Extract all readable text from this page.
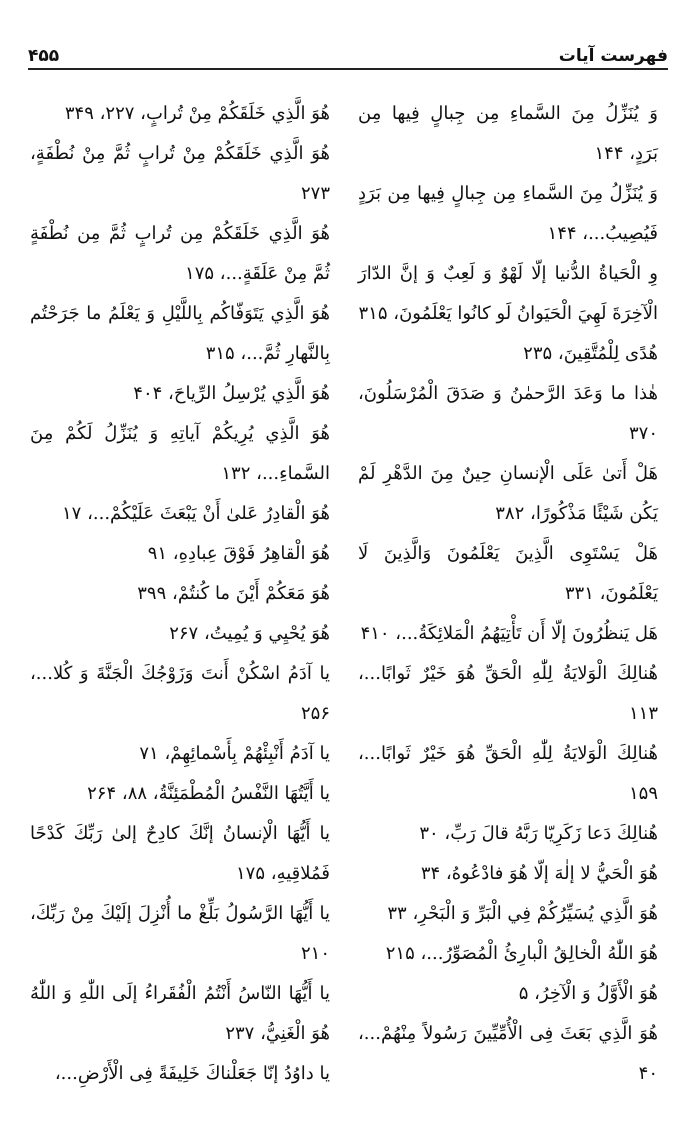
فهرست آیات
۴۵۵

وَ يُنَزِّلُ مِنَ السَّماءِ مِن جِبالٍ فِيها مِن بَرَدٍ، ۱۴۴

وَ يُنَزِّلُ مِنَ السَّماءِ مِن جِبالٍ فِيها مِن بَرَدٍ فَيُصِيبُ...، ۱۴۴

وِ الْحَياةُ الدُّنيا إلّا لَهْوٌ وَ لَعِبٌ وَ إنَّ الدّارَ الْآخِرَةَ لَهِيَ الْحَيَوانُ لَو كانُوا يَعْلَمُونَ، ۳۱۵

هُدًى لِلْمُتَّقِينَ، ۲۳۵

هٰذا ما وَعَدَ الرَّحمٰنُ وَ صَدَقَ الْمُرْسَلُونَ، ۳۷۰

هَلْ أَتىٰ عَلَى الْإنسانِ حِينٌ مِنَ الدَّهْرِ لَمْ يَكُن شَيْئًا مَذْكُورًا، ۳۸۲

هَلْ يَسْتَوِى الَّذِينَ يَعْلَمُونَ وَالَّذِينَ لَا يَعْلَمُونَ، ۳۳۱

هَل يَنظُرُونَ إلّا أَن تَأْتِيَهُمُ الْمَلائِكَةُ...، ۴۱۰

هُنالِكَ الْوَلايَةُ لِلّٰهِ الْحَقِّ هُوَ خَيْرٌ ثَوابًا...، ۱۱۳

هُنالِكَ الْوَلايَةُ لِلّٰهِ الْحَقِّ هُوَ خَيْرٌ ثَوابًا...، ۱۵۹

هُنالِكَ دَعا زَكَرِيّا رَبَّهُ قالَ رَبِّ، ۳۰

هُوَ الْحَيُّ لا إلٰهَ إلّا هُوَ فادْعُوهُ، ۳۴

هُوَ الَّذِي يُسَيِّرُكُمْ فِي الْبَرِّ وَ الْبَحْرِ، ۳۳

هُوَ اللّٰهُ الْخالِقُ الْبارِئُ الْمُصَوِّرُ...، ۲۱۵

هُوَ الْأَوَّلُ وَ الْآخِرُ، ۵

هُوَ الَّذِي بَعَثَ فِى الْأُمِّيِّينَ رَسُولاً مِنْهُمْ...، ۴۰

هُوَ الَّذِي خَلَقَكُمْ مِنْ تُرابٍ، ۲۲۷، ۳۴۹

هُوَ الَّذِي خَلَقَكُمْ مِنْ تُرابٍ ثُمَّ مِنْ نُطْفَةٍ، ۲۷۳

هُوَ الَّذِي خَلَقَكُمْ مِن تُرابٍ ثُمَّ مِن نُطْفَةٍ ثُمَّ مِنْ عَلَقَةٍ...، ۱۷۵

هُوَ الَّذِي يَتَوَفّاكُم بِاللَّيْلِ وَ يَعْلَمُ ما جَرَحْتُم بِالنَّهارِ ثُمَّ...، ۳۱۵

هُوَ الَّذِي يُرْسِلُ الرِّياحَ، ۴۰۴

هُوَ الَّذِي يُرِيكُمْ آياتِهِ وَ يُنَزِّلُ لَكُمْ مِنَ السَّماءِ...، ۱۳۲

هُوَ الْقادِرُ عَلىٰ أَنْ يَبْعَثَ عَلَيْكُمْ...، ۱۷

هُوَ الْقاهِرُ فَوْقَ عِبادِهِ، ۹۱

هُوَ مَعَكُمْ أَيْنَ ما كُنتُمْ، ۳۹۹

هُوَ يُحْيِي وَ يُمِيتُ، ۲۶۷

يا آدَمُ اسْكُنْ أَنتَ وَزَوْجُكَ الْجَنَّةَ وَ كُلا...، ۲۵۶

يا آدَمُ أَنْبِئْهُمْ بِأَسْمائِهِمْ، ۷۱

يا أَيَّتُهَا النَّفْسُ الْمُطْمَئِنَّةُ، ۸۸، ۲۶۴

يا أَيُّهَا الْإنسانُ إنَّكَ كادِحٌ إلىٰ رَبِّكَ كَدْحًا فَمُلاقِيهِ، ۱۷۵

يا أَيُّهَا الرَّسُولُ بَلِّغْ ما أُنْزِلَ إلَيْكَ مِنْ رَبِّكَ، ۲۱۰

يا أَيُّهَا النّاسُ أَنْتُمُ الْفُقَراءُ إلَى اللّٰهِ وَ اللّٰهُ هُوَ الْغَنِيُّ، ۲۳۷

يا داوُدُ إنّا جَعَلْناكَ خَلِيفَةً فِى الْأَرْضِ...،
